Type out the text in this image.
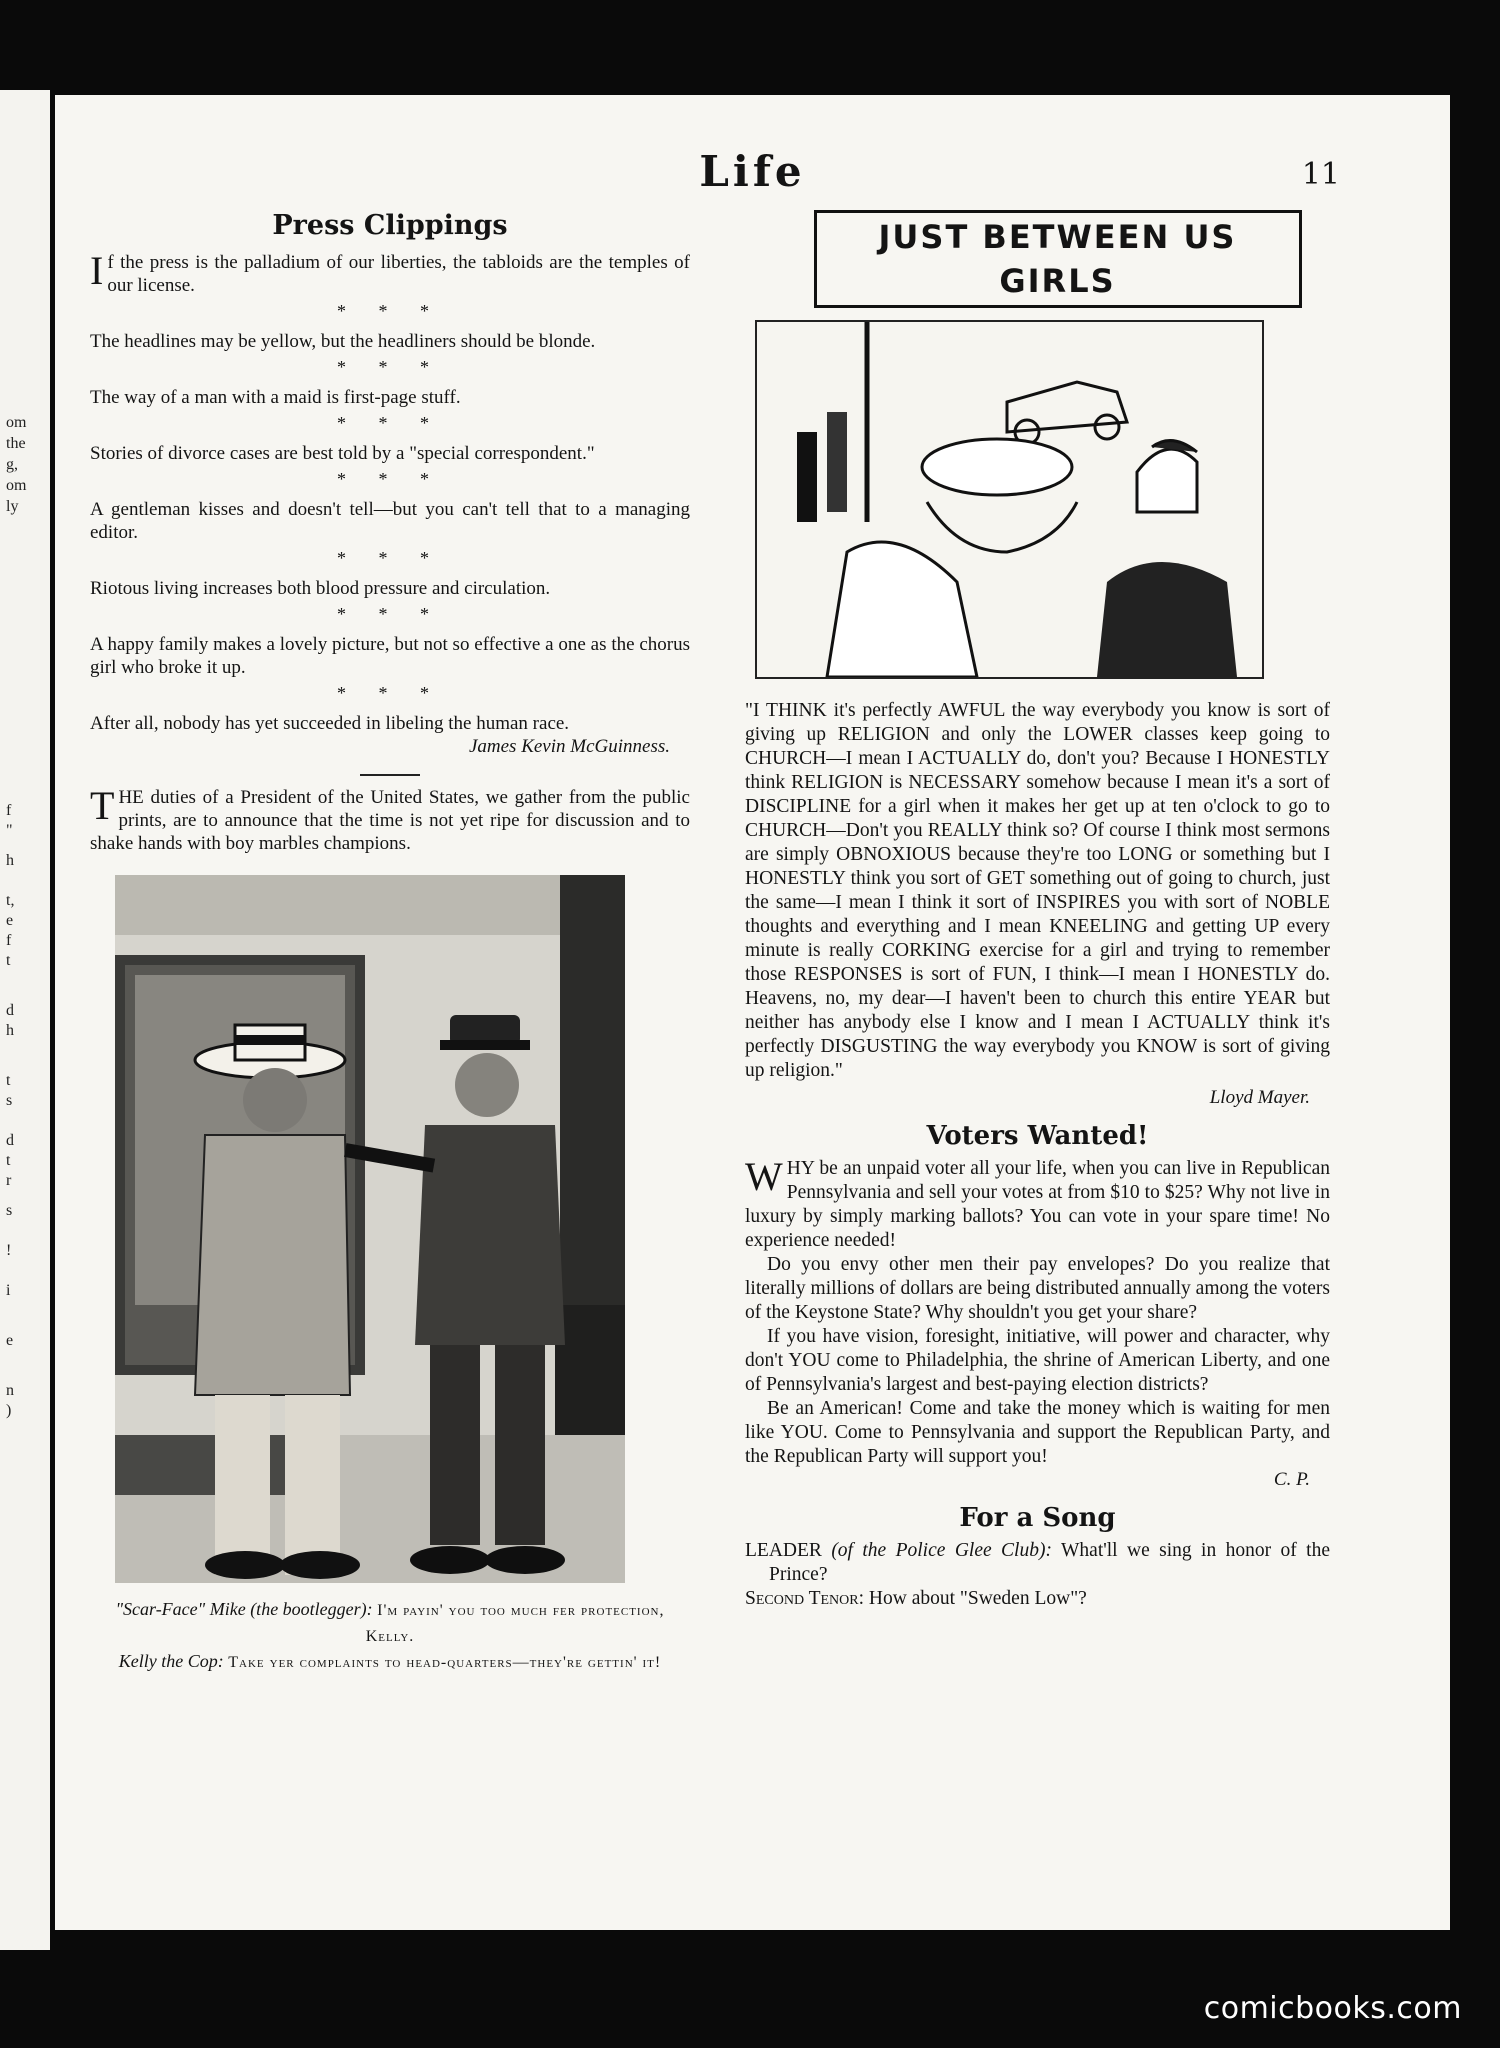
om
the
g,
om
ly
f
"
h
t,
e
f
t
d
h
t
s
d
t
r
s
!
i
e
n
)
Life	11
Press Clippings

If the press is the palladium of our liberties, the tabloids are the temples of our license.

* * *

The headlines may be yellow, but the headliners should be blonde.

* * *

The way of a man with a maid is first-page stuff.

* * *

Stories of divorce cases are best told by a "special correspondent."

* * *

A gentleman kisses and doesn't tell—but you can't tell that to a managing editor.

* * *

Riotous living increases both blood pressure and circulation.

* * *

A happy family makes a lovely picture, but not so effective a one as the chorus girl who broke it up.

* * *

After all, nobody has yet succeeded in libeling the human race.

James Kevin McGuinness.

THE duties of a President of the United States, we gather from the public prints, are to announce that the time is not yet ripe for discussion and to shake hands with boy marbles champions.

"Scar-Face" Mike (the bootlegger): I'm payin' you too much fer protection, Kelly.
Kelly the Cop: Take yer complaints to head-quarters—they're gettin' it!
JUST BETWEEN US GIRLS

"I THINK it's perfectly AWFUL the way everybody you know is sort of giving up RELIGION and only the LOWER classes keep going to CHURCH—I mean I ACTUALLY do, don't you? Because I HONESTLY think RELIGION is NECESSARY somehow because I mean it's a sort of DISCIPLINE for a girl when it makes her get up at ten o'clock to go to CHURCH—Don't you REALLY think so? Of course I think most sermons are simply OBNOXIOUS because they're too LONG or something but I HONESTLY think you sort of GET something out of going to church, just the same—I mean I think it sort of INSPIRES you with sort of NOBLE thoughts and everything and I mean KNEELING and getting UP every minute is really CORKING exercise for a girl and trying to remember those RESPONSES is sort of FUN, I think—I mean I HONESTLY do. Heavens, no, my dear—I haven't been to church this entire YEAR but neither has anybody else I know and I mean I ACTUALLY think it's perfectly DISGUSTING the way everybody you KNOW is sort of giving up religion."

Lloyd Mayer.
Voters Wanted!

WHY be an unpaid voter all your life, when you can live in Republican Pennsylvania and sell your votes at from $10 to $25? Why not live in luxury by simply marking ballots? You can vote in your spare time! No experience needed!

Do you envy other men their pay envelopes? Do you realize that literally millions of dollars are being distributed annually among the voters of the Keystone State? Why shouldn't you get your share?

If you have vision, foresight, initiative, will power and character, why don't YOU come to Philadelphia, the shrine of American Liberty, and one of Pennsylvania's largest and best-paying election districts?

Be an American! Come and take the money which is waiting for men like YOU. Come to Pennsylvania and support the Republican Party, and the Republican Party will support you!

C. P.
For a Song

LEADER (of the Police Glee Club): What'll we sing in honor of the Prince?

Second Tenor: How about "Sweden Low"?

comicbooks.com
